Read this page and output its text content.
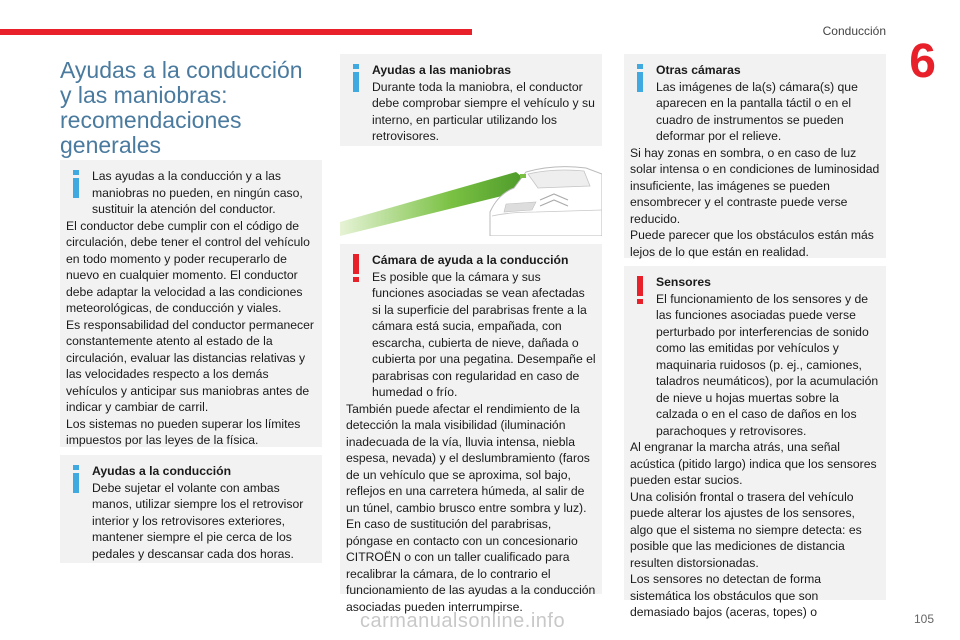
Conducción
6
Ayudas a la conducción y las maniobras: recomendaciones generales
Las ayudas a la conducción y a las maniobras no pueden, en ningún caso, sustituir la atención del conductor.
El conductor debe cumplir con el código de circulación, debe tener el control del vehículo en todo momento y poder recuperarlo de nuevo en cualquier momento. El conductor debe adaptar la velocidad a las condiciones meteorológicas, de conducción y viales.
Es responsabilidad del conductor permanecer constantemente atento al estado de la circulación, evaluar las distancias relativas y las velocidades respecto a los demás vehículos y anticipar sus maniobras antes de indicar y cambiar de carril.
Los sistemas no pueden superar los límites impuestos por las leyes de la física.
Ayudas a la conducción
Debe sujetar el volante con ambas manos, utilizar siempre los el retrovisor interior y los retrovisores exteriores, mantener siempre el pie cerca de los pedales y descansar cada dos horas.
Ayudas a las maniobras
Durante toda la maniobra, el conductor debe comprobar siempre el vehículo y su interno, en particular utilizando los retrovisores.
Cámara de ayuda a la conducción
Es posible que la cámara y sus funciones asociadas se vean afectadas si la superficie del parabrisas frente a la cámara está sucia, empañada, con escarcha, cubierta de nieve, dañada o cubierta por una pegatina. Desempañe el parabrisas con regularidad en caso de humedad o frío.
También puede afectar el rendimiento de la detección la mala visibilidad (iluminación inadecuada de la vía, lluvia intensa, niebla espesa, nevada) y el deslumbramiento (faros de un vehículo que se aproxima, sol bajo, reflejos en una carretera húmeda, al salir de un túnel, cambio brusco entre sombra y luz).
En caso de sustitución del parabrisas, póngase en contacto con un concesionario CITROËN o con un taller cualificado para recalibrar la cámara, de lo contrario el funcionamiento de las ayudas a la conducción asociadas pueden interrumpirse.
Otras cámaras
Las imágenes de la(s) cámara(s) que aparecen en la pantalla táctil o en el cuadro de instrumentos se pueden deformar por el relieve.
Si hay zonas en sombra, o en caso de luz solar intensa o en condiciones de luminosidad insuficiente, las imágenes se pueden ensombrecer y el contraste puede verse reducido.
Puede parecer que los obstáculos están más lejos de lo que están en realidad.
Sensores
El funcionamiento de los sensores y de las funciones asociadas puede verse perturbado por interferencias de sonido como las emitidas por vehículos y maquinaria ruidosos (p. ej., camiones, taladros neumáticos), por la acumulación de nieve u hojas muertas sobre la calzada o en el caso de daños en los parachoques y retrovisores.
Al engranar la marcha atrás, una señal acústica (pitido largo) indica que los sensores pueden estar sucios.
Una colisión frontal o trasera del vehículo puede alterar los ajustes de los sensores, algo que el sistema no siempre detecta: es posible que las mediciones de distancia resulten distorsionadas.
Los sensores no detectan de forma sistemática los obstáculos que son demasiado bajos (aceras, topes) o
carmanualsonline.info	105
